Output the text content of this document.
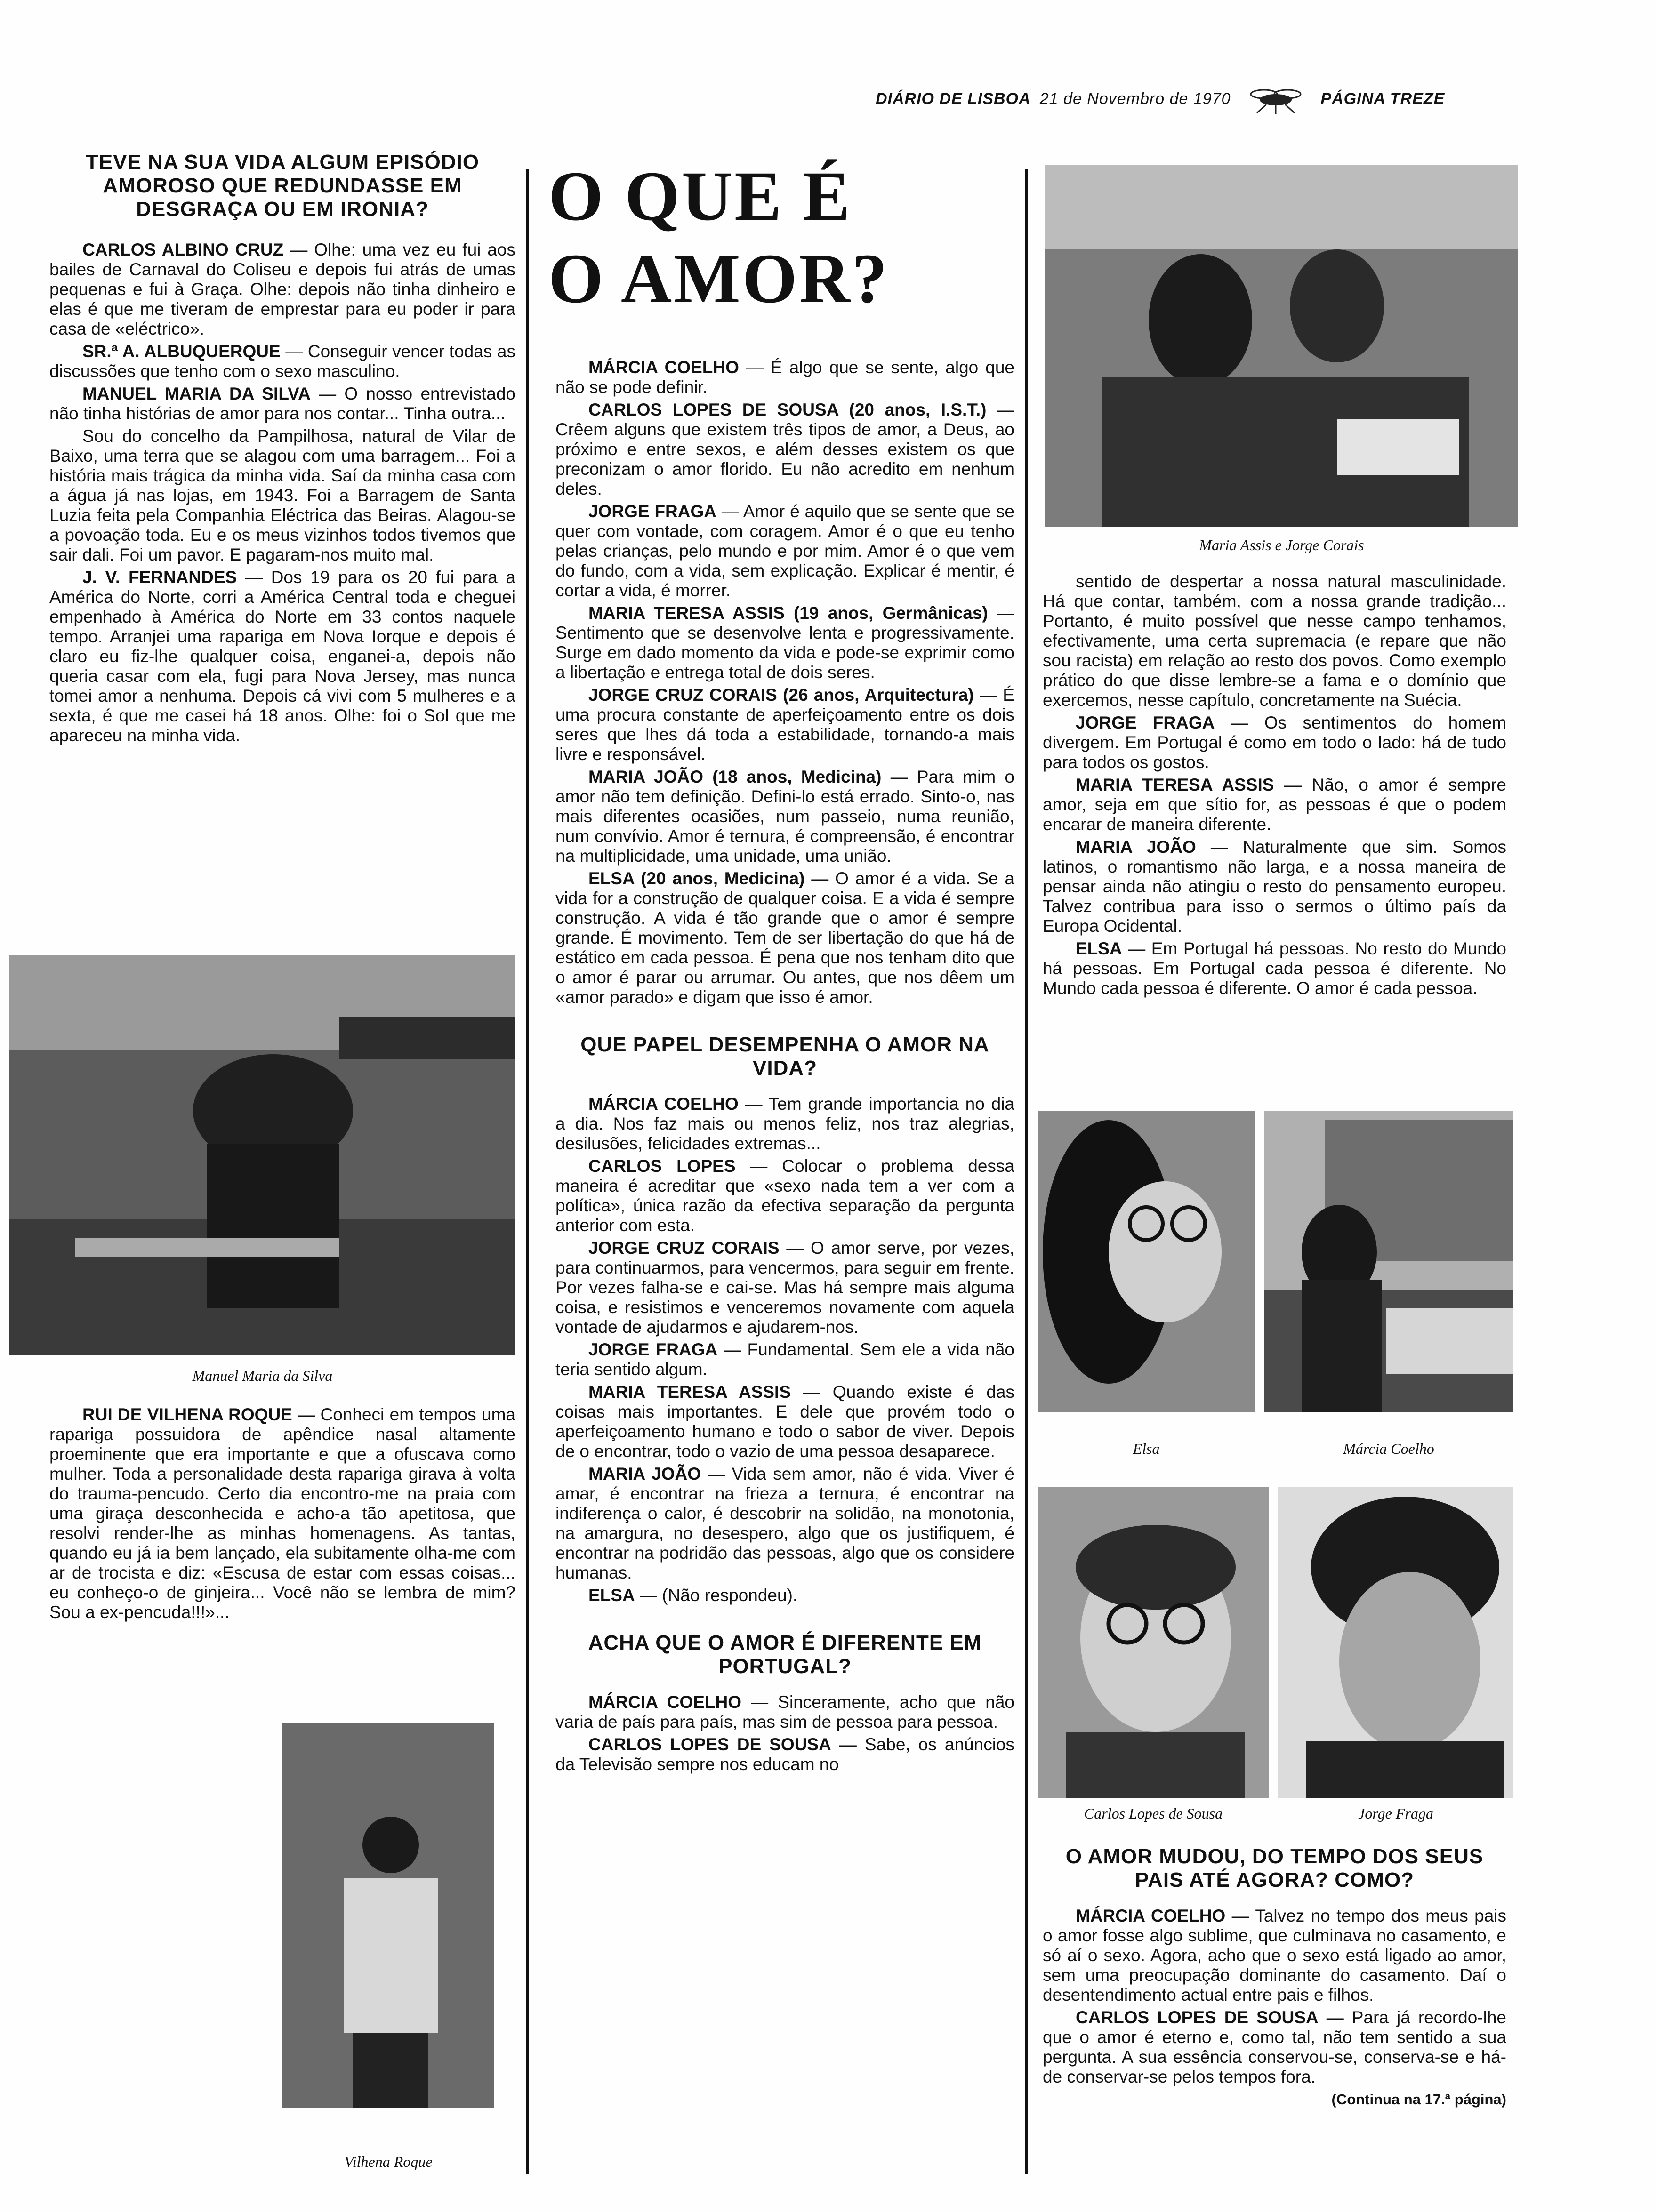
DIÁRIO DE LISBOA 21 de Novembro de 1970	PÁGINA TREZE
TEVE NA SUA VIDA ALGUM EPISÓDIO AMOROSO QUE REDUNDASSE EM DESGRAÇA OU EM IRONIA?

CARLOS ALBINO CRUZ — Olhe: uma vez eu fui aos bailes de Carnaval do Coliseu e depois fui atrás de umas pequenas e fui à Graça. Olhe: depois não tinha dinheiro e elas é que me tiveram de emprestar para eu poder ir para casa de «eléctrico».

SR.ª A. ALBUQUERQUE — Conseguir vencer todas as discussões que tenho com o sexo masculino.

MANUEL MARIA DA SILVA — O nosso entrevistado não tinha histórias de amor para nos contar... Tinha outra...

Sou do concelho da Pampilhosa, natural de Vilar de Baixo, uma terra que se alagou com uma barragem... Foi a história mais trágica da minha vida. Saí da minha casa com a água já nas lojas, em 1943. Foi a Barragem de Santa Luzia feita pela Companhia Eléctrica das Beiras. Alagou-se a povoação toda. Eu e os meus vizinhos todos tivemos que sair dali. Foi um pavor. E pagaram-nos muito mal.

J. V. FERNANDES — Dos 19 para os 20 fui para a América do Norte, corri a América Central toda e cheguei empenhado à América do Norte em 33 contos naquele tempo. Arranjei uma rapariga em Nova Iorque e depois é claro eu fiz-lhe qualquer coisa, enganei-a, depois não queria casar com ela, fugi para Nova Jersey, mas nunca tomei amor a nenhuma. Depois cá vivi com 5 mulheres e a sexta, é que me casei há 18 anos. Olhe: foi o Sol que me apareceu na minha vida.

Manuel Maria da Silva

RUI DE VILHENA ROQUE — Conheci em tempos uma rapariga possuidora de apêndice nasal altamente proeminente que era importante e que a ofuscava como mulher. Toda a personalidade desta rapariga girava à volta do trauma-pencudo. Certo dia encontro-me na praia com uma giraça desconhecida e acho-a tão apetitosa, que resolvi render-lhe as minhas homenagens. As tantas, quando eu já ia bem lançado, ela subitamente olha-me com ar de trocista e diz: «Escusa de estar com essas coisas... eu conheço-o de ginjeira... Você não se lembra de mim? Sou a ex-pencuda!!!»...

Vilhena Roque
O QUE É
O AMOR?

MÁRCIA COELHO — É algo que se sente, algo que não se pode definir.

CARLOS LOPES DE SOUSA (20 anos, I.S.T.) — Crêem alguns que existem três tipos de amor, a Deus, ao próximo e entre sexos, e além desses existem os que preconizam o amor florido. Eu não acredito em nenhum deles.

JORGE FRAGA — Amor é aquilo que se sente que se quer com vontade, com coragem. Amor é o que eu tenho pelas crianças, pelo mundo e por mim. Amor é o que vem do fundo, com a vida, sem explicação. Explicar é mentir, é cortar a vida, é morrer.

MARIA TERESA ASSIS (19 anos, Germânicas) — Sentimento que se desenvolve lenta e progressivamente. Surge em dado momento da vida e pode-se exprimir como a libertação e entrega total de dois seres.

JORGE CRUZ CORAIS (26 anos, Arquitectura) — É uma procura constante de aperfeiçoamento entre os dois seres que lhes dá toda a estabilidade, tornando-a mais livre e responsável.

MARIA JOÃO (18 anos, Medicina) — Para mim o amor não tem definição. Defini-lo está errado. Sinto-o, nas mais diferentes ocasiões, num passeio, numa reunião, num convívio. Amor é ternura, é compreensão, é encontrar na multiplicidade, uma unidade, uma união.

ELSA (20 anos, Medicina) — O amor é a vida. Se a vida for a construção de qualquer coisa. E a vida é sempre construção. A vida é tão grande que o amor é sempre grande. É movimento. Tem de ser libertação do que há de estático em cada pessoa. É pena que nos tenham dito que o amor é parar ou arrumar. Ou antes, que nos dêem um «amor parado» e digam que isso é amor.

QUE PAPEL DESEMPENHA O AMOR NA VIDA?

MÁRCIA COELHO — Tem grande importancia no dia a dia. Nos faz mais ou menos feliz, nos traz alegrias, desilusões, felicidades extremas...

CARLOS LOPES — Colocar o problema dessa maneira é acreditar que «sexo nada tem a ver com a política», única razão da efectiva separação da pergunta anterior com esta.

JORGE CRUZ CORAIS — O amor serve, por vezes, para continuarmos, para vencermos, para seguir em frente. Por vezes falha-se e cai-se. Mas há sempre mais alguma coisa, e resistimos e venceremos novamente com aquela vontade de ajudarmos e ajudarem-nos.

JORGE FRAGA — Fundamental. Sem ele a vida não teria sentido algum.

MARIA TERESA ASSIS — Quando existe é das coisas mais importantes. E dele que provém todo o aperfeiçoamento humano e todo o sabor de viver. Depois de o encontrar, todo o vazio de uma pessoa desaparece.

MARIA JOÃO — Vida sem amor, não é vida. Viver é amar, é encontrar na frieza a ternura, é encontrar na indiferença o calor, é descobrir na solidão, na monotonia, na amargura, no desespero, algo que os justifiquem, é encontrar na podridão das pessoas, algo que os considere humanas.

ELSA — (Não respondeu).

ACHA QUE O AMOR É DIFERENTE EM PORTUGAL?

MÁRCIA COELHO — Sinceramente, acho que não varia de país para país, mas sim de pessoa para pessoa.

CARLOS LOPES DE SOUSA — Sabe, os anúncios da Televisão sempre nos educam no

Maria Assis e Jorge Corais

sentido de despertar a nossa natural masculinidade. Há que contar, também, com a nossa grande tradição... Portanto, é muito possível que nesse campo tenhamos, efectivamente, uma certa supremacia (e repare que não sou racista) em relação ao resto dos povos. Como exemplo prático do que disse lembre-se a fama e o domínio que exercemos, nesse capítulo, concretamente na Suécia.

JORGE FRAGA — Os sentimentos do homem divergem. Em Portugal é como em todo o lado: há de tudo para todos os gostos.

MARIA TERESA ASSIS — Não, o amor é sempre amor, seja em que sítio for, as pessoas é que o podem encarar de maneira diferente.

MARIA JOÃO — Naturalmente que sim. Somos latinos, o romantismo não larga, e a nossa maneira de pensar ainda não atingiu o resto do pensamento europeu. Talvez contribua para isso o sermos o último país da Europa Ocidental.

ELSA — Em Portugal há pessoas. No resto do Mundo há pessoas. Em Portugal cada pessoa é diferente. No Mundo cada pessoa é diferente. O amor é cada pessoa.

Elsa	Márcia Coelho
Carlos Lopes de Sousa	Jorge Fraga
O AMOR MUDOU, DO TEMPO DOS SEUS PAIS ATÉ AGORA? COMO?

MÁRCIA COELHO — Talvez no tempo dos meus pais o amor fosse algo sublime, que culminava no casamento, e só aí o sexo. Agora, acho que o sexo está ligado ao amor, sem uma preocupação dominante do casamento. Daí o desentendimento actual entre pais e filhos.

CARLOS LOPES DE SOUSA — Para já recordo-lhe que o amor é eterno e, como tal, não tem sentido a sua pergunta. A sua essência conservou-se, conserva-se e há-de conservar-se pelos tempos fora.

(Continua na 17.ª página)
